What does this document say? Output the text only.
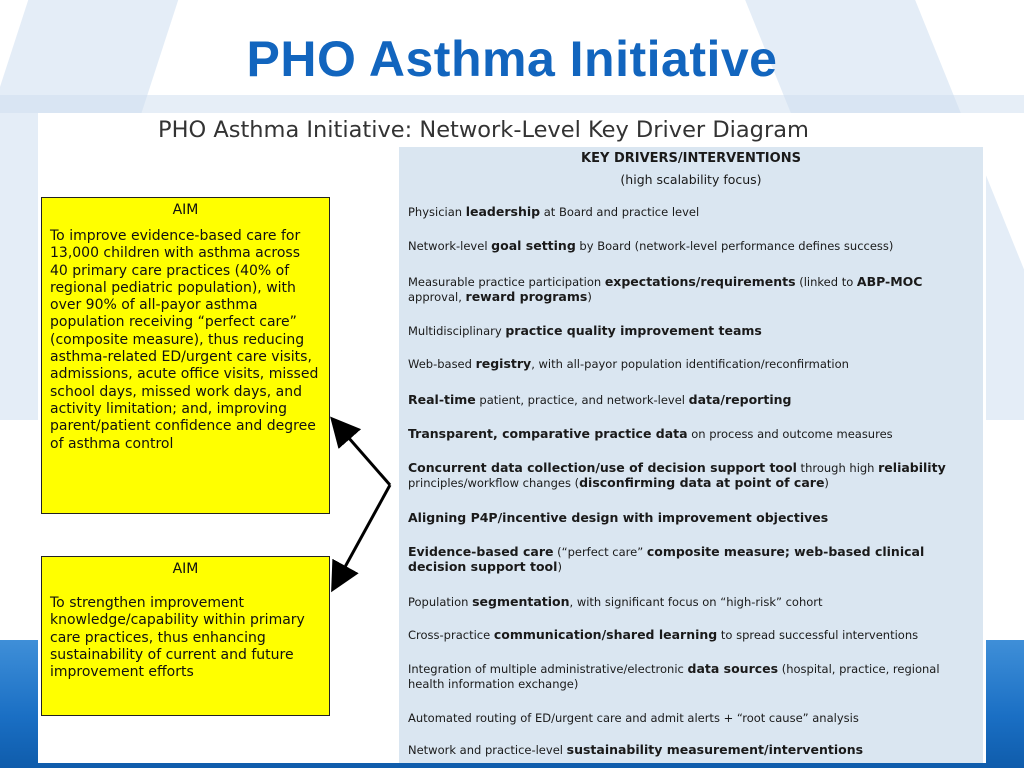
PHO Asthma Initiative
PHO Asthma Initiative: Network-Level Key Driver Diagram
AIM
To improve evidence-based care for 13,000 children with asthma across 40 primary care practices (40% of regional pediatric population), with over 90% of all-payor asthma population receiving “perfect care” (composite measure), thus reducing asthma-related ED/urgent care visits, admissions, acute office visits, missed school days, missed work days, and activity limitation; and, improving parent/patient confidence and degree of asthma control
AIM
To strengthen improvement knowledge/capability within primary care practices, thus enhancing sustainability of current and future improvement efforts
KEY DRIVERS/INTERVENTIONS
(high scalability focus)
Physician leadership at Board and practice level
Network-level goal setting by Board (network-level performance defines success)
Measurable practice participation expectations/requirements (linked to ABP-MOC approval, reward programs)
Multidisciplinary practice quality improvement teams
Web-based registry, with all-payor population identification/reconfirmation
Real-time patient, practice, and network-level data/reporting
Transparent, comparative practice data on process and outcome measures
Concurrent data collection/use of decision support tool through high reliability principles/workflow changes (disconfirming data at point of care)
Aligning P4P/incentive design with improvement objectives
Evidence-based care (“perfect care” composite measure; web-based clinical decision support tool)
Population segmentation, with significant focus on “high-risk” cohort
Cross-practice communication/shared learning to spread successful interventions
Integration of multiple administrative/electronic data sources (hospital, practice, regional health information exchange)
Automated routing of ED/urgent care and admit alerts + “root cause” analysis
Network and practice-level sustainability measurement/interventions
